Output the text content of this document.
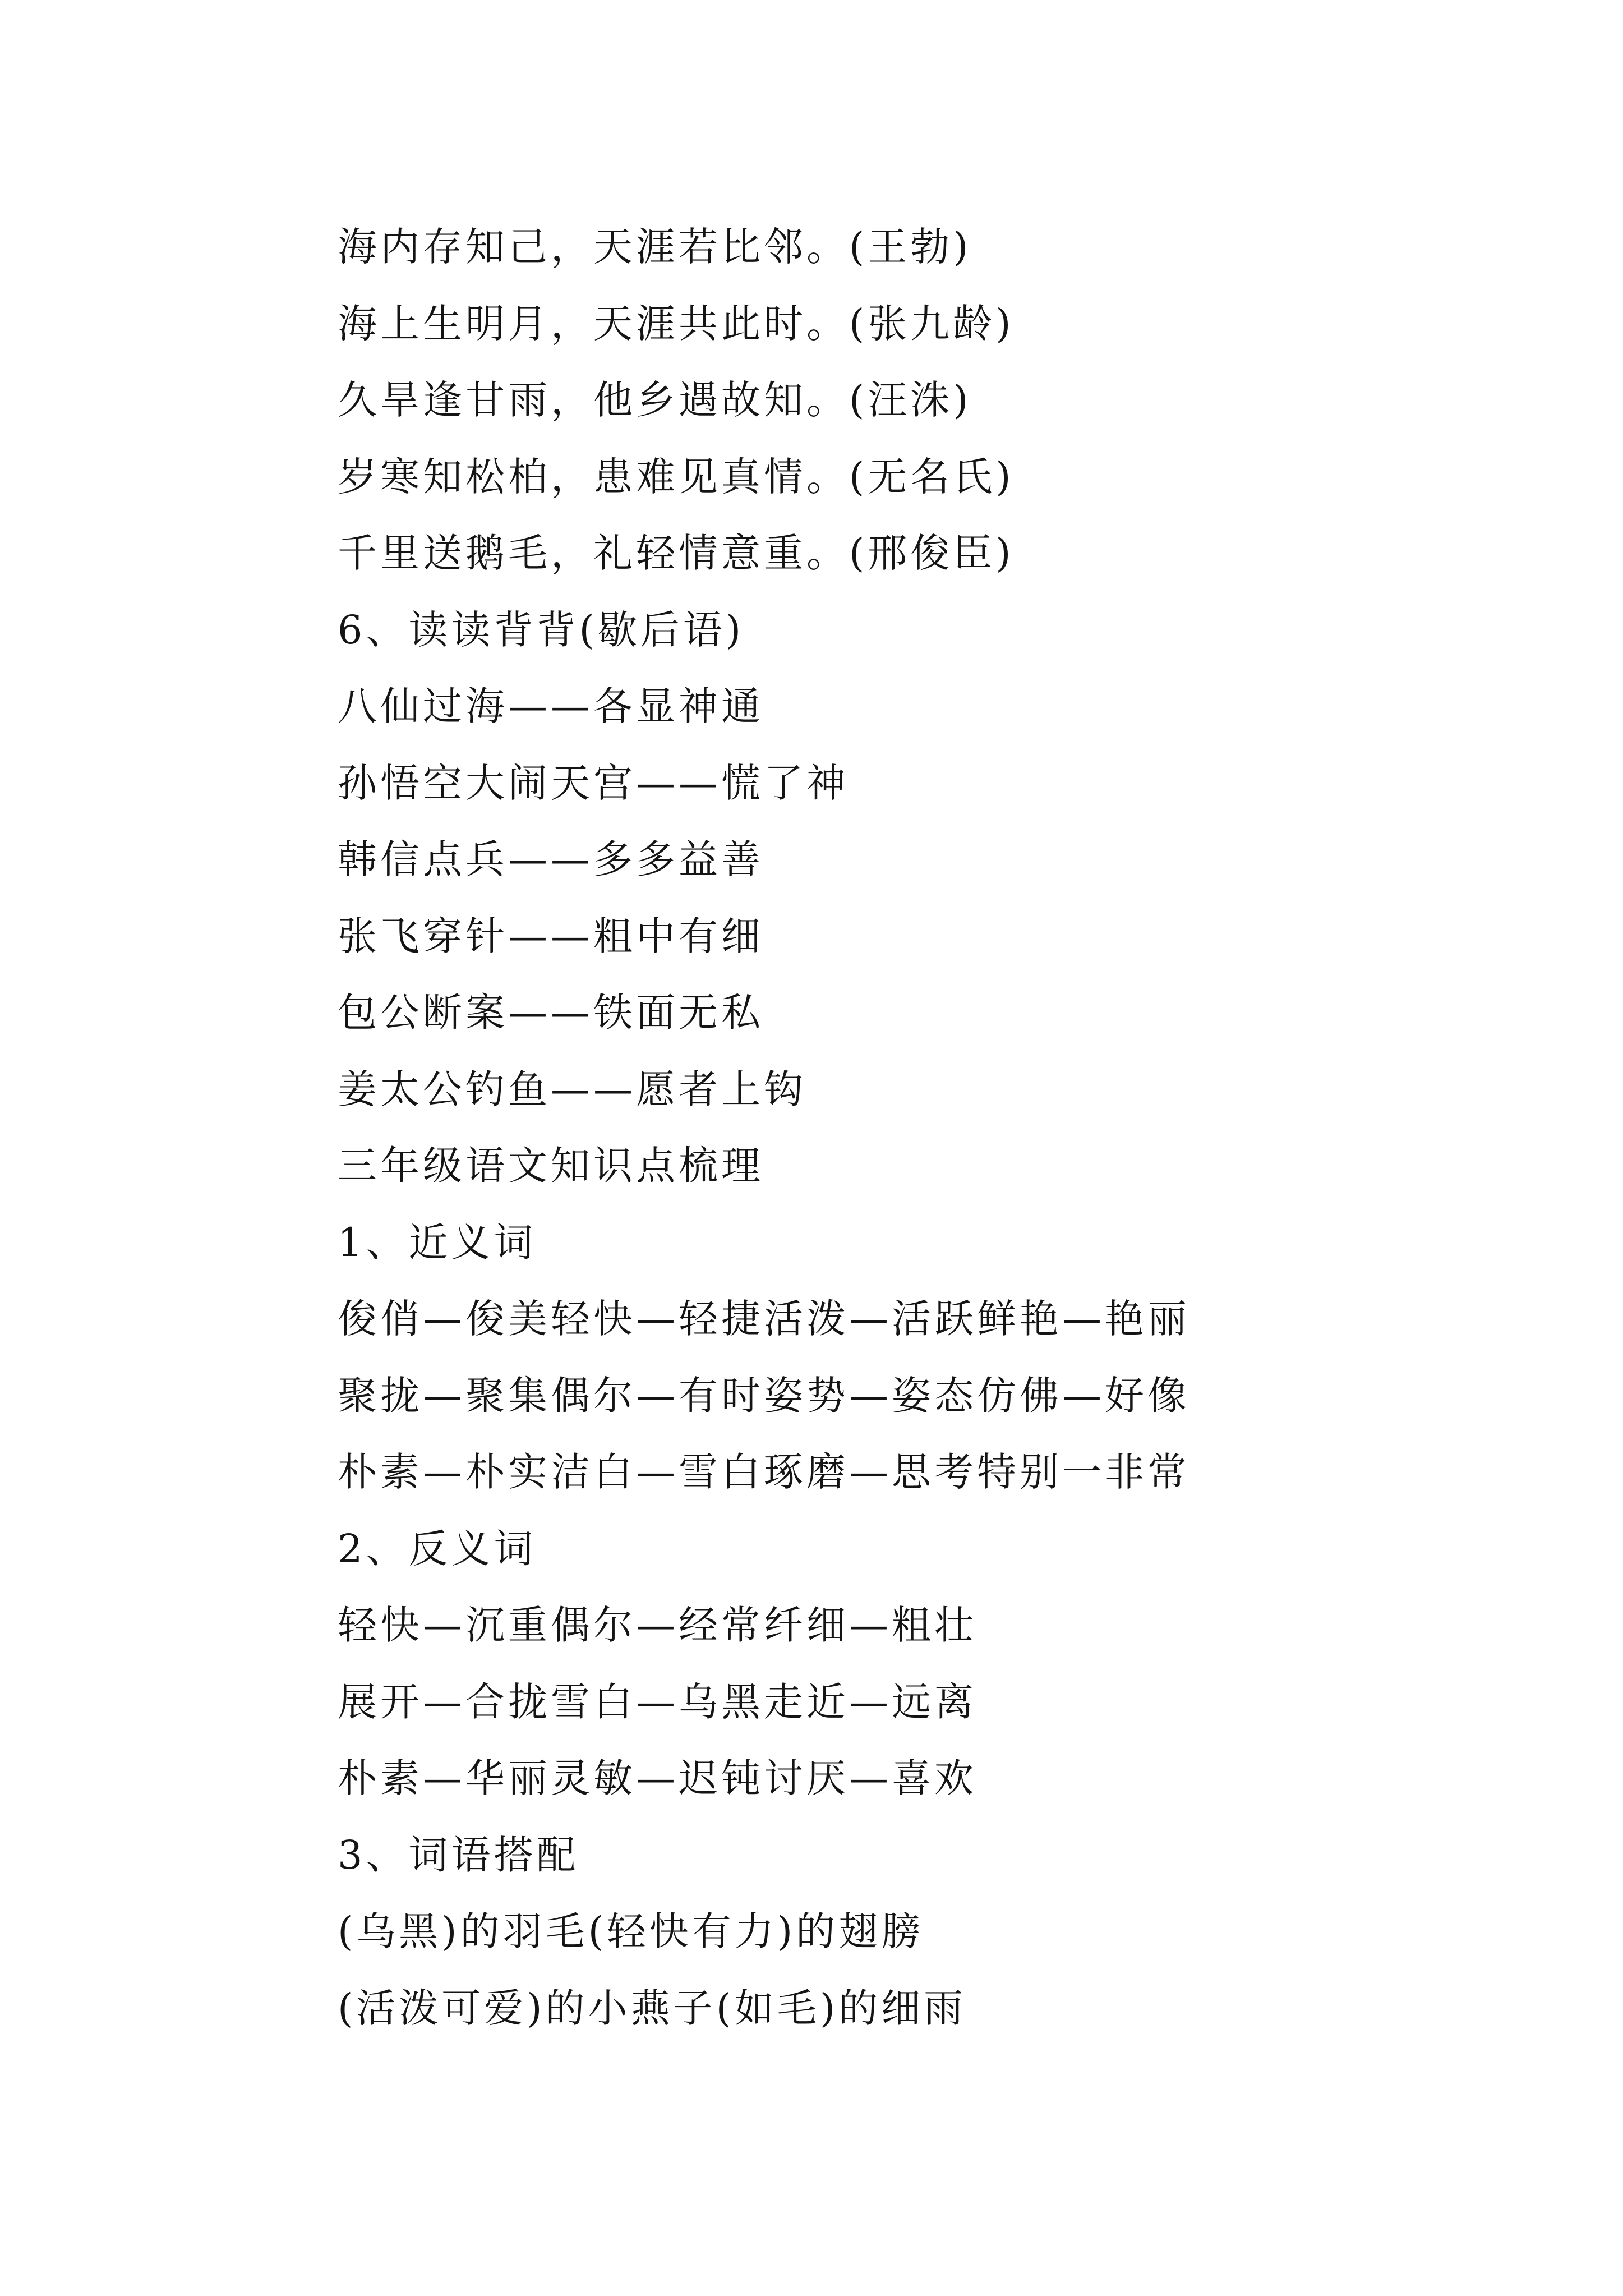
海内存知己，天涯若比邻。(王勃)
海上生明月，天涯共此时。(张九龄)
久旱逢甘雨，他乡遇故知。(汪洙)
岁寒知松柏，患难见真情。(无名氏)
千里送鹅毛，礼轻情意重。(邢俊臣)
6、读读背背(歇后语)
八仙过海——各显神通
孙悟空大闹天宫——慌了神
韩信点兵——多多益善
张飞穿针——粗中有细
包公断案——铁面无私
姜太公钓鱼——愿者上钩
三年级语文知识点梳理
1、近义词
俊俏—俊美轻快—轻捷活泼—活跃鲜艳—艳丽
聚拢—聚集偶尔—有时姿势—姿态仿佛—好像
朴素—朴实洁白—雪白琢磨—思考特别一非常
2、反义词
轻快—沉重偶尔—经常纤细—粗壮
展开—合拢雪白—乌黑走近—远离
朴素—华丽灵敏—迟钝讨厌—喜欢
3、词语搭配
(乌黑)的羽毛(轻快有力)的翅膀
(活泼可爱)的小燕子(如毛)的细雨
